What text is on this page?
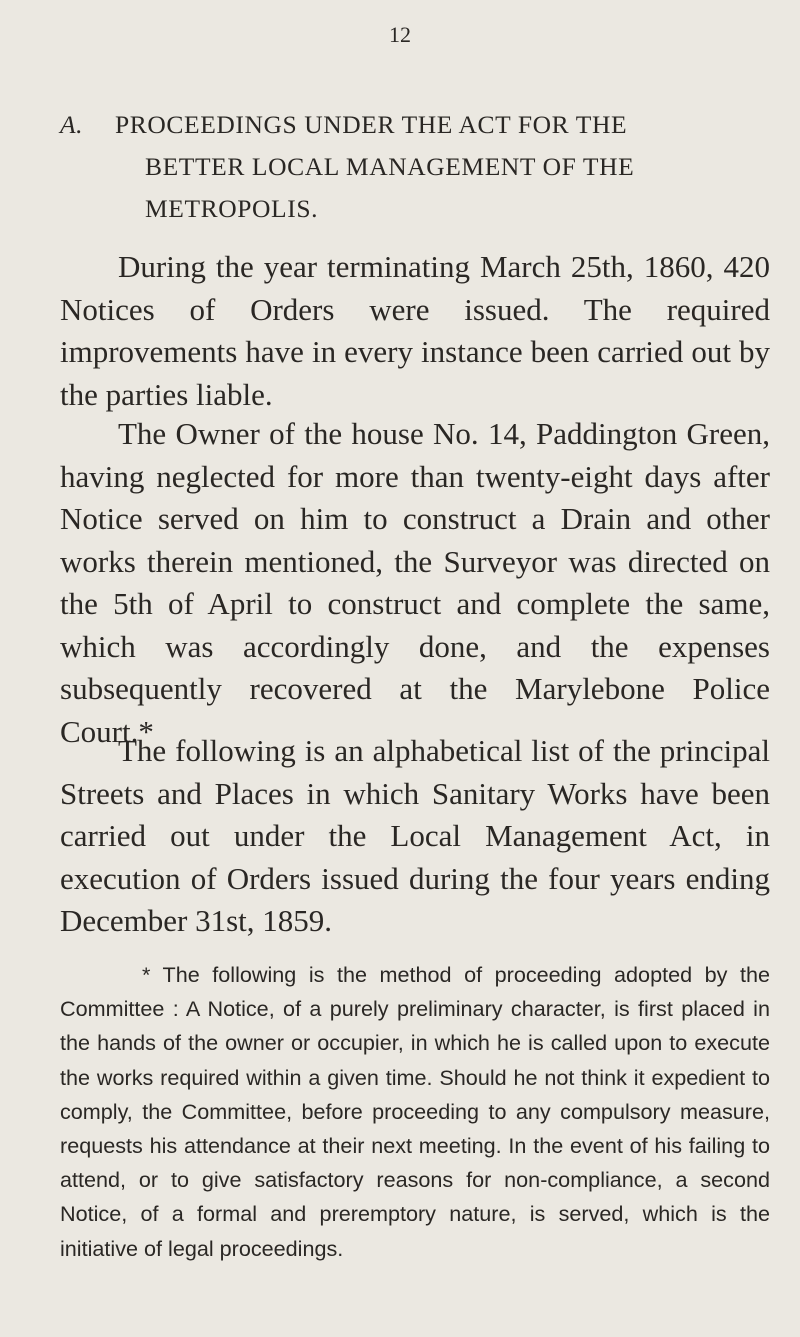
12
A. PROCEEDINGS UNDER THE ACT FOR THE
BETTER LOCAL MANAGEMENT OF THE
METROPOLIS.

During the year terminating March 25th, 1860, 420 Notices of Orders were issued. The required improvements have in every instance been carried out by the parties liable.

The Owner of the house No. 14, Paddington Green, having neglected for more than twenty-eight days after Notice served on him to construct a Drain and other works therein mentioned, the Surveyor was directed on the 5th of April to construct and complete the same, which was accordingly done, and the expenses subsequently recovered at the Marylebone Police Court.*

The following is an alphabetical list of the principal Streets and Places in which Sanitary Works have been carried out under the Local Management Act, in execution of Orders issued during the four years ending December 31st, 1859.

* The following is the method of proceeding adopted by the Committee : A Notice, of a purely preliminary character, is first placed in the hands of the owner or occupier, in which he is called upon to execute the works required within a given time. Should he not think it expedient to comply, the Committee, before proceeding to any compulsory measure, requests his attendance at their next meeting. In the event of his failing to attend, or to give satisfactory reasons for non-compliance, a second Notice, of a formal and preremptory nature, is served, which is the initiative of legal proceedings.
